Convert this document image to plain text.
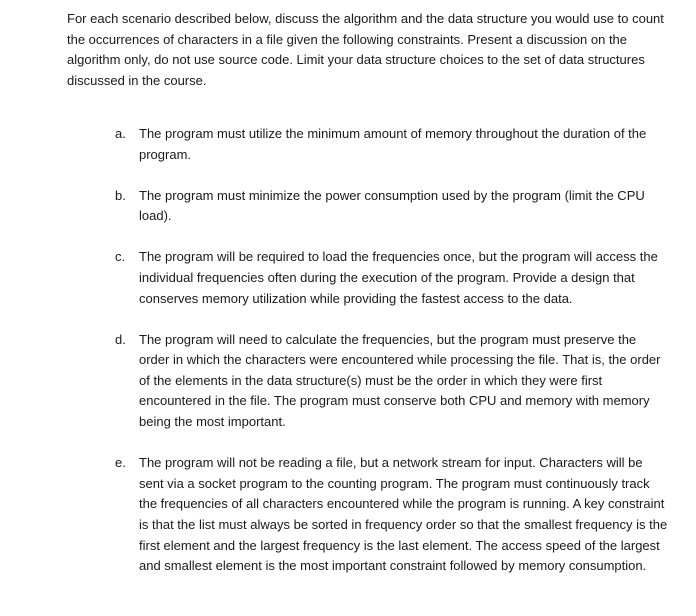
For each scenario described below, discuss the algorithm and the data structure you would use to count the occurrences of characters in a file given the following constraints. Present a discussion on the algorithm only, do not use source code. Limit your data structure choices to the set of data structures discussed in the course.

a. The program must utilize the minimum amount of memory throughout the duration of the program.
b. The program must minimize the power consumption used by the program (limit the CPU load).
c. The program will be required to load the frequencies once, but the program will access the individual frequencies often during the execution of the program. Provide a design that conserves memory utilization while providing the fastest access to the data.
d. The program will need to calculate the frequencies, but the program must preserve the order in which the characters were encountered while processing the file. That is, the order of the elements in the data structure(s) must be the order in which they were first encountered in the file. The program must conserve both CPU and memory with memory being the most important.
e. The program will not be reading a file, but a network stream for input. Characters will be sent via a socket program to the counting program. The program must continuously track the frequencies of all characters encountered while the program is running. A key constraint is that the list must always be sorted in frequency order so that the smallest frequency is the first element and the largest frequency is the last element. The access speed of the largest and smallest element is the most important constraint followed by memory consumption.
